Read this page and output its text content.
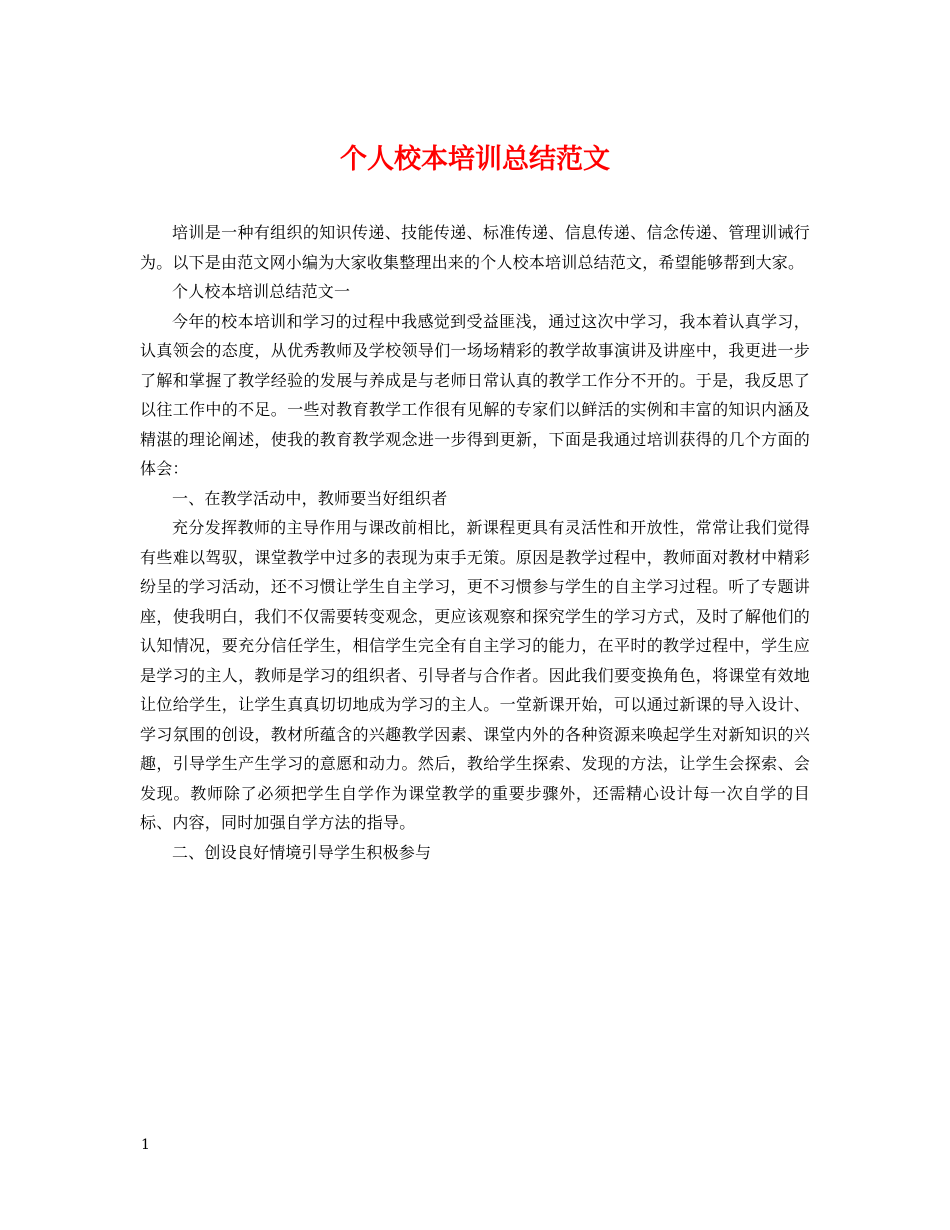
个人校本培训总结范文

培训是一种有组织的知识传递、技能传递、标准传递、信息传递、信念传递、管理训诫行为。以下是由范文网小编为大家收集整理出来的个人校本培训总结范文，希望能够帮到大家。

个人校本培训总结范文一

今年的校本培训和学习的过程中我感觉到受益匪浅，通过这次中学习，我本着认真学习，认真领会的态度，从优秀教师及学校领导们一场场精彩的教学故事演讲及讲座中，我更进一步了解和掌握了教学经验的发展与养成是与老师日常认真的教学工作分不开的。于是，我反思了以往工作中的不足。一些对教育教学工作很有见解的专家们以鲜活的实例和丰富的知识内涵及精湛的理论阐述，使我的教育教学观念进一步得到更新，下面是我通过培训获得的几个方面的体会：

一、在教学活动中，教师要当好组织者

充分发挥教师的主导作用与课改前相比，新课程更具有灵活性和开放性，常常让我们觉得有些难以驾驭，课堂教学中过多的表现为束手无策。原因是教学过程中，教师面对教材中精彩纷呈的学习活动，还不习惯让学生自主学习，更不习惯参与学生的自主学习过程。听了专题讲座，使我明白，我们不仅需要转变观念，更应该观察和探究学生的学习方式，及时了解他们的认知情况，要充分信任学生，相信学生完全有自主学习的能力，在平时的教学过程中，学生应是学习的主人，教师是学习的组织者、引导者与合作者。因此我们要变换角色，将课堂有效地让位给学生，让学生真真切切地成为学习的主人。一堂新课开始，可以通过新课的导入设计、学习氛围的创设，教材所蕴含的兴趣教学因素、课堂内外的各种资源来唤起学生对新知识的兴趣，引导学生产生学习的意愿和动力。然后，教给学生探索、发现的方法，让学生会探索、会发现。教师除了必须把学生自学作为课堂教学的重要步骤外，还需精心设计每一次自学的目标、内容，同时加强自学方法的指导。

二、创设良好情境引导学生积极参与

1
